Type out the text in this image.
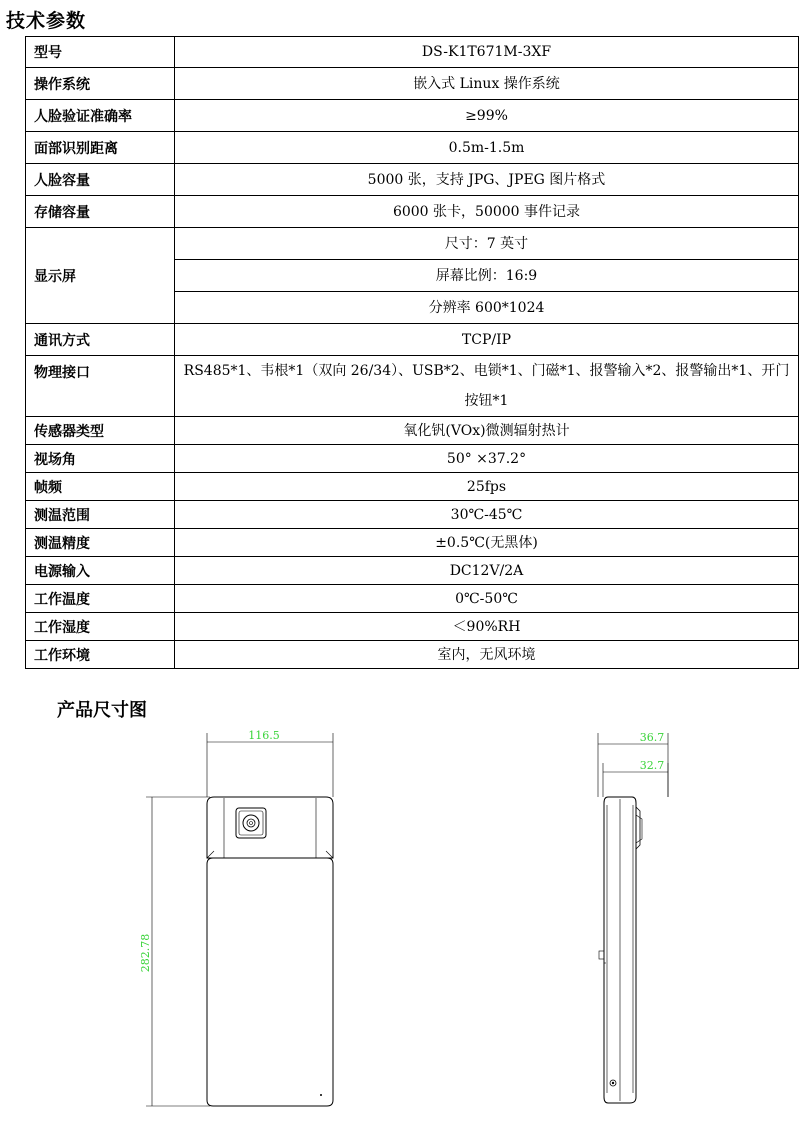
技术参数
型号	DS-K1T671M-3XF
操作系统	嵌入式 Linux 操作系统
人脸验证准确率	≥99%
面部识别距离	0.5m-1.5m
人脸容量	5000 张，支持 JPG、JPEG 图片格式
存储容量	6000 张卡，50000 事件记录
显示屏	尺寸：7 英寸
	屏幕比例：16:9
	分辨率 600*1024
通讯方式	TCP/IP
物理接口	RS485*1、韦根*1（双向 26/34）、USB*2、电锁*1、门磁*1、报警输入*2、报警输出*1、开门按钮*1
传感器类型	氧化钒(VOx)微测辐射热计
视场角	50° ×37.2°
帧频	25fps
测温范围	30℃-45℃
测温精度	±0.5℃(无黑体)
电源输入	DC12V/2A
工作温度	0℃-50℃
工作湿度	＜90%RH
工作环境	室内，无风环境
产品尺寸图
116.5
282.78
36.7
32.7
